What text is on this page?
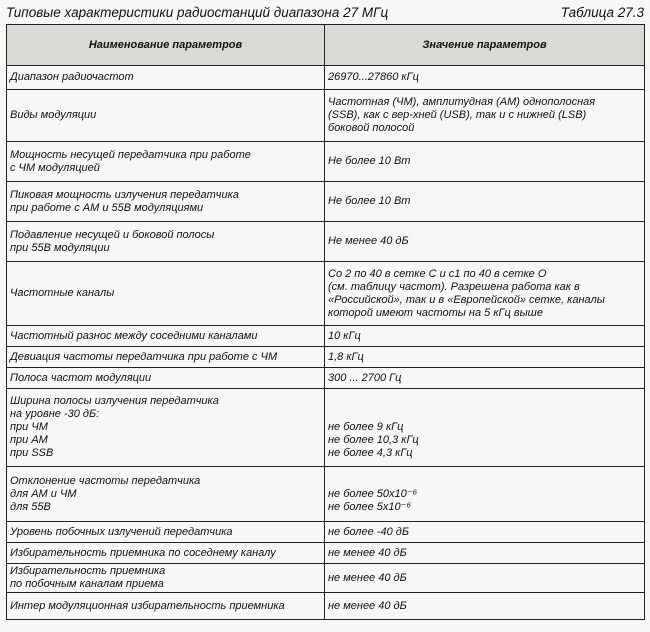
Типовые характеристики радиостанций диапазона 27 МГц	Таблица 27.3
Наименование параметров	Значение параметров

Диапазон радиочастот	26970...27860 кГц

Виды модуляции	Частотная (ЧМ), амплитудная (AM) однополосная
(SSB), как с вер-хней (USB), так и с нижней (LSB)
боковой полосой

Мощность несущей передатчика при работе
с ЧМ модуляцией	Не более 10 Вт

Пиковая мощность излучения передатчика
при работе с АМ и 55В модуляциями	Не более 10 Вт

Подавление несущей и боковой полосы
при 55В модуляции	Не менее 40 дБ

Частотные каналы	Со 2 по 40 в сетке С и с1 по 40 в сетке О
(см. таблицу частот). Разрешена работа как в
«Российской», так и в «Европейской» сетке, каналы
которой имеют частоты на 5 кГц выше

Частотный разнос между соседними каналами	10 кГц

Девиация частоты передатчика при работе с ЧМ	1,8 кГц

Полоса частот модуляции	300 ... 2700 Гц

Ширина полосы излучения передатчика
на уровне -30 дБ:
при ЧМ
при АМ
при SSB	не более 9 кГц
не более 10,3 кГц
не более 4,3 кГц

Отклонение частоты передатчика
для АМ и ЧМ
для 55В	не более 50x10⁻⁶
не более 5x10⁻⁶

Уровень побочных излучений передатчика	не более -40 дБ

Избирательность приемника по соседнему каналу	не менее 40 дБ

Избирательность приемника
по побочным каналам приема	не менее 40 дБ

Интер модуляционная избирательность приемника	не менее 40 дБ
